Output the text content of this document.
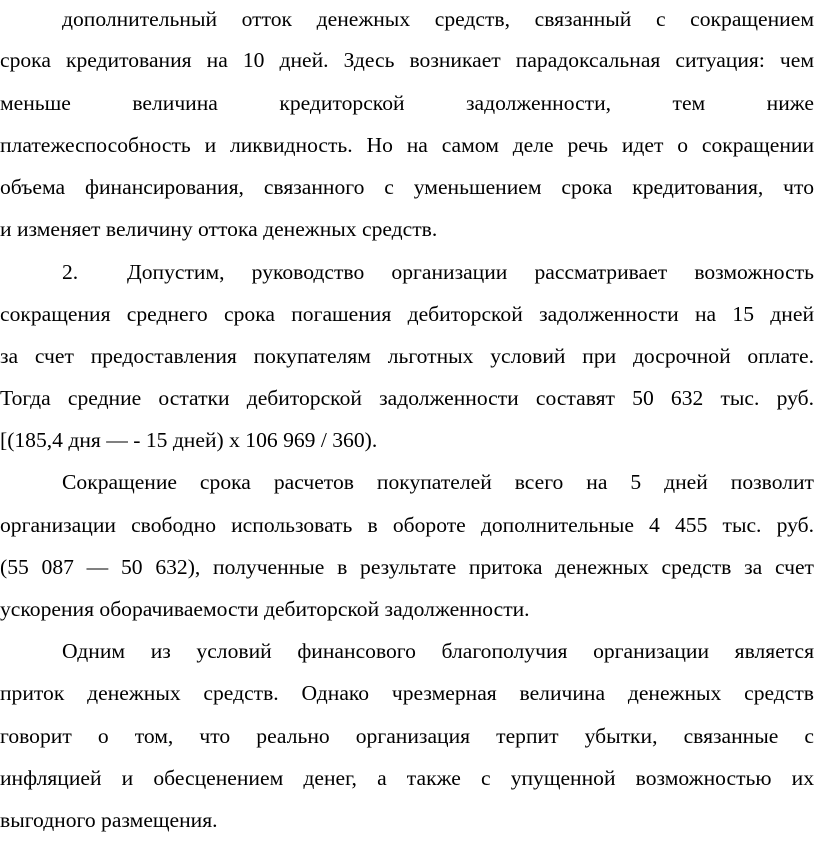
дополнительный отток денежных средств, связанный с сокращением
срока кредитования на 10 дней. Здесь возникает парадоксальная ситуация: чем
меньше величина кредиторской задолженности, тем ниже
платежеспособность и ликвидность. Но на самом деле речь идет о сокращении
объема финансирования, связанного с уменьшением срока кредитования, что
и изменяет величину оттока денежных средств.
2. Допустим, руководство организации рассматривает возможность
сокращения среднего срока погашения дебиторской задолженности на 15 дней
за счет предоставления покупателям льготных условий при досрочной оплате.
Тогда средние остатки дебиторской задолженности составят 50 632 тыс. руб.
[(185,4 дня — - 15 дней) х 106 969 / 360).
Сокращение срока расчетов покупателей всего на 5 дней позволит
организации свободно использовать в обороте дополнительные 4 455 тыс. руб.
(55 087 — 50 632), полученные в результате притока денежных средств за счет
ускорения оборачиваемости дебиторской задолженности.
Одним из условий финансового благополучия организации является
приток денежных средств. Однако чрезмерная величина денежных средств
говорит о том, что реально организация терпит убытки, связанные с
инфляцией и обесценением денег, а также с упущенной возможностью их
выгодного размещения.
